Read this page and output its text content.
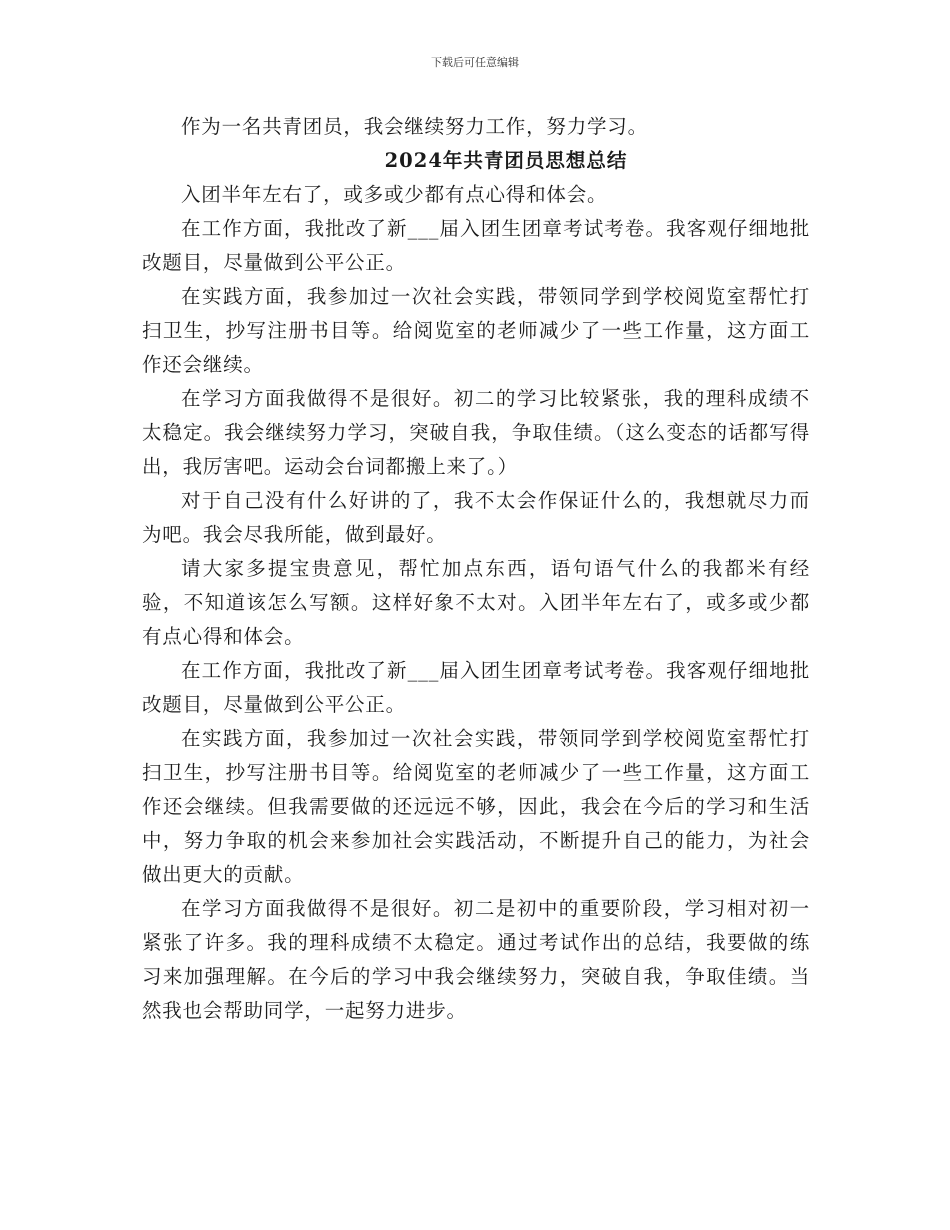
下载后可任意编辑

作为一名共青团员，我会继续努力工作，努力学习。

2024年共青团员思想总结

入团半年左右了，或多或少都有点心得和体会。

在工作方面，我批改了新___届入团生团章考试考卷。我客观仔细地批改题目，尽量做到公平公正。

在实践方面，我参加过一次社会实践，带领同学到学校阅览室帮忙打扫卫生，抄写注册书目等。给阅览室的老师减少了一些工作量，这方面工作还会继续。

在学习方面我做得不是很好。初二的学习比较紧张，我的理科成绩不太稳定。我会继续努力学习，突破自我，争取佳绩。（这么变态的话都写得出，我厉害吧。运动会台词都搬上来了。）

对于自己没有什么好讲的了，我不太会作保证什么的，我想就尽力而为吧。我会尽我所能，做到最好。

请大家多提宝贵意见，帮忙加点东西，语句语气什么的我都米有经验，不知道该怎么写额。这样好象不太对。入团半年左右了，或多或少都有点心得和体会。

在工作方面，我批改了新___届入团生团章考试考卷。我客观仔细地批改题目，尽量做到公平公正。

在实践方面，我参加过一次社会实践，带领同学到学校阅览室帮忙打扫卫生，抄写注册书目等。给阅览室的老师减少了一些工作量，这方面工作还会继续。但我需要做的还远远不够，因此，我会在今后的学习和生活中，努力争取的机会来参加社会实践活动，不断提升自己的能力，为社会做出更大的贡献。

在学习方面我做得不是很好。初二是初中的重要阶段，学习相对初一紧张了许多。我的理科成绩不太稳定。通过考试作出的总结，我要做的练习来加强理解。在今后的学习中我会继续努力，突破自我，争取佳绩。当然我也会帮助同学，一起努力进步。
